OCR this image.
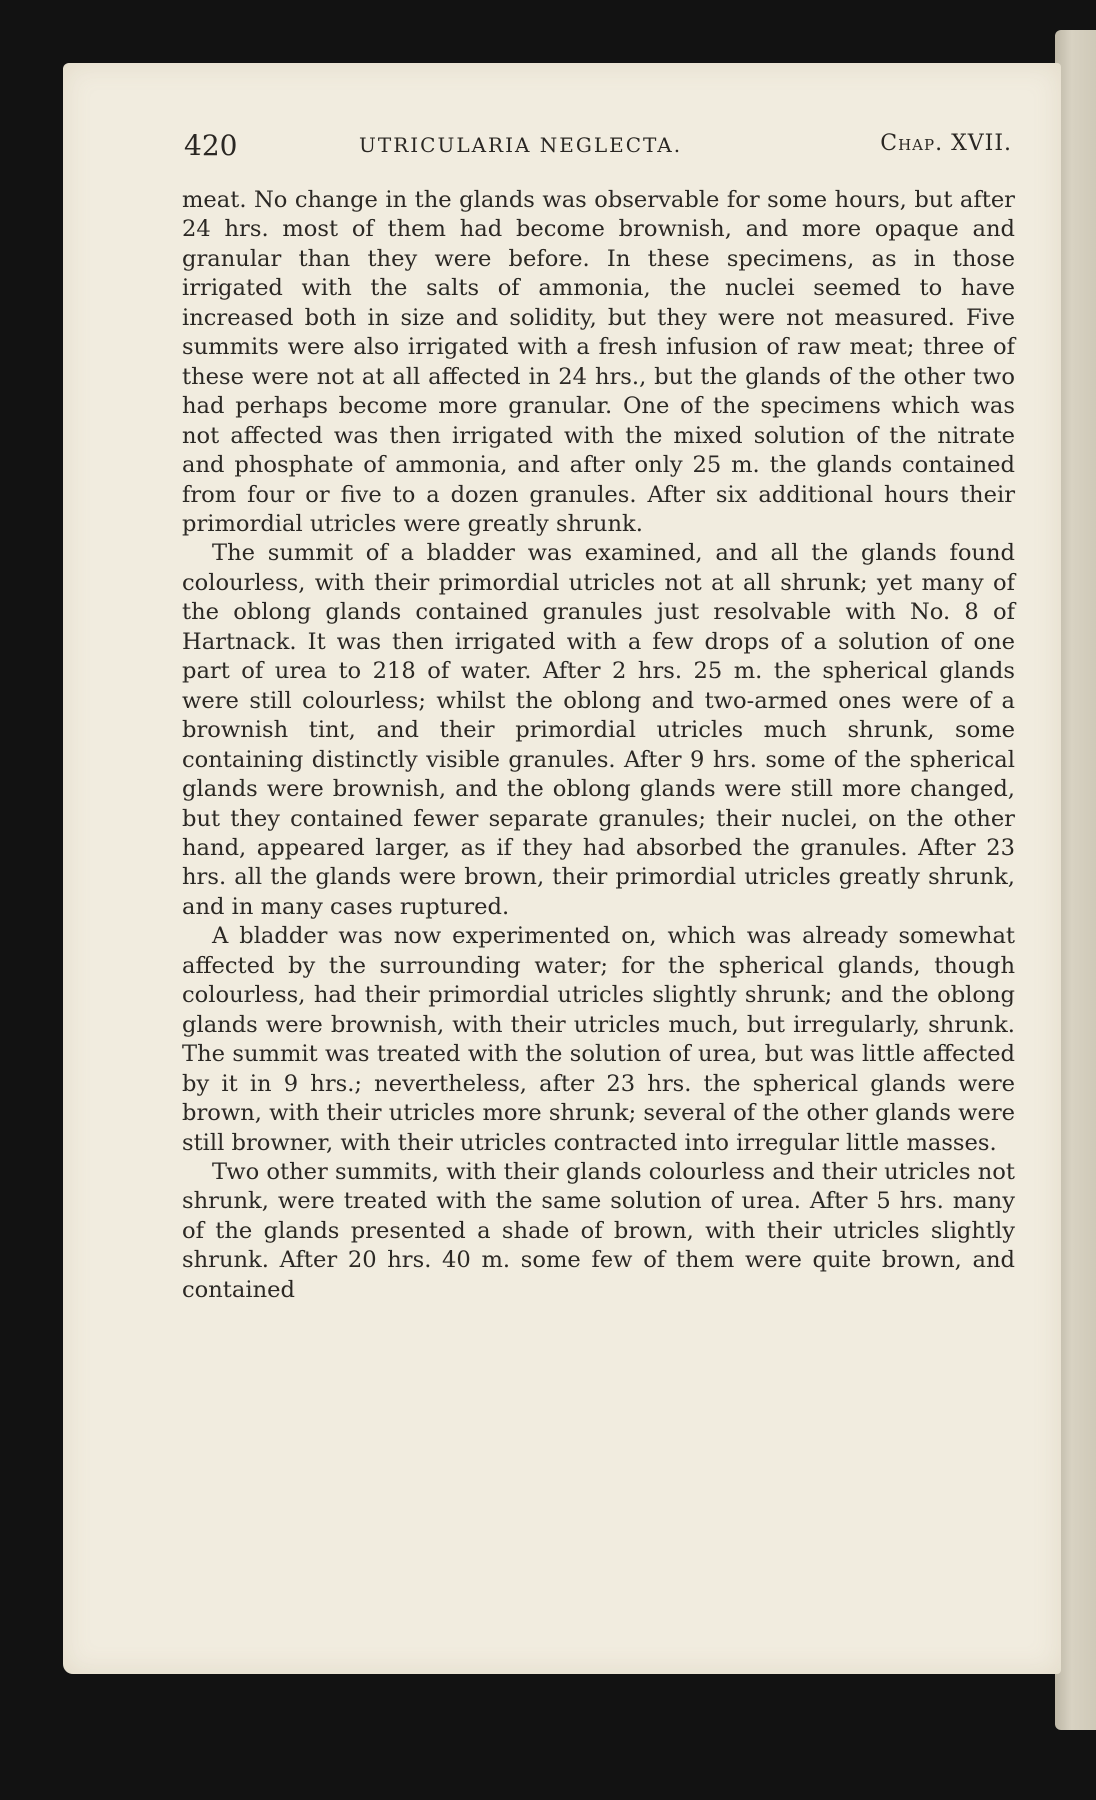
420	UTRICULARIA NEGLECTA.	Chap. XVII.

meat. No change in the glands was observable for some hours, but after 24 hrs. most of them had become brownish, and more opaque and granular than they were before. In these specimens, as in those irrigated with the salts of ammonia, the nuclei seemed to have increased both in size and solidity, but they were not measured. Five summits were also irrigated with a fresh infusion of raw meat; three of these were not at all affected in 24 hrs., but the glands of the other two had perhaps become more granular. One of the specimens which was not affected was then irrigated with the mixed solution of the nitrate and phosphate of ammonia, and after only 25 m. the glands contained from four or five to a dozen granules. After six additional hours their primordial utricles were greatly shrunk.

The summit of a bladder was examined, and all the glands found colourless, with their primordial utricles not at all shrunk; yet many of the oblong glands contained granules just resolvable with No. 8 of Hartnack. It was then irrigated with a few drops of a solution of one part of urea to 218 of water. After 2 hrs. 25 m. the spherical glands were still colourless; whilst the oblong and two-armed ones were of a brownish tint, and their primordial utricles much shrunk, some containing distinctly visible granules. After 9 hrs. some of the spherical glands were brownish, and the oblong glands were still more changed, but they contained fewer separate granules; their nuclei, on the other hand, appeared larger, as if they had absorbed the granules. After 23 hrs. all the glands were brown, their primordial utricles greatly shrunk, and in many cases ruptured.

A bladder was now experimented on, which was already somewhat affected by the surrounding water; for the spherical glands, though colourless, had their primordial utricles slightly shrunk; and the oblong glands were brownish, with their utricles much, but irregularly, shrunk. The summit was treated with the solution of urea, but was little affected by it in 9 hrs.; nevertheless, after 23 hrs. the spherical glands were brown, with their utricles more shrunk; several of the other glands were still browner, with their utricles contracted into irregular little masses.

Two other summits, with their glands colourless and their utricles not shrunk, were treated with the same solution of urea. After 5 hrs. many of the glands presented a shade of brown, with their utricles slightly shrunk. After 20 hrs. 40 m. some few of them were quite brown, and contained
